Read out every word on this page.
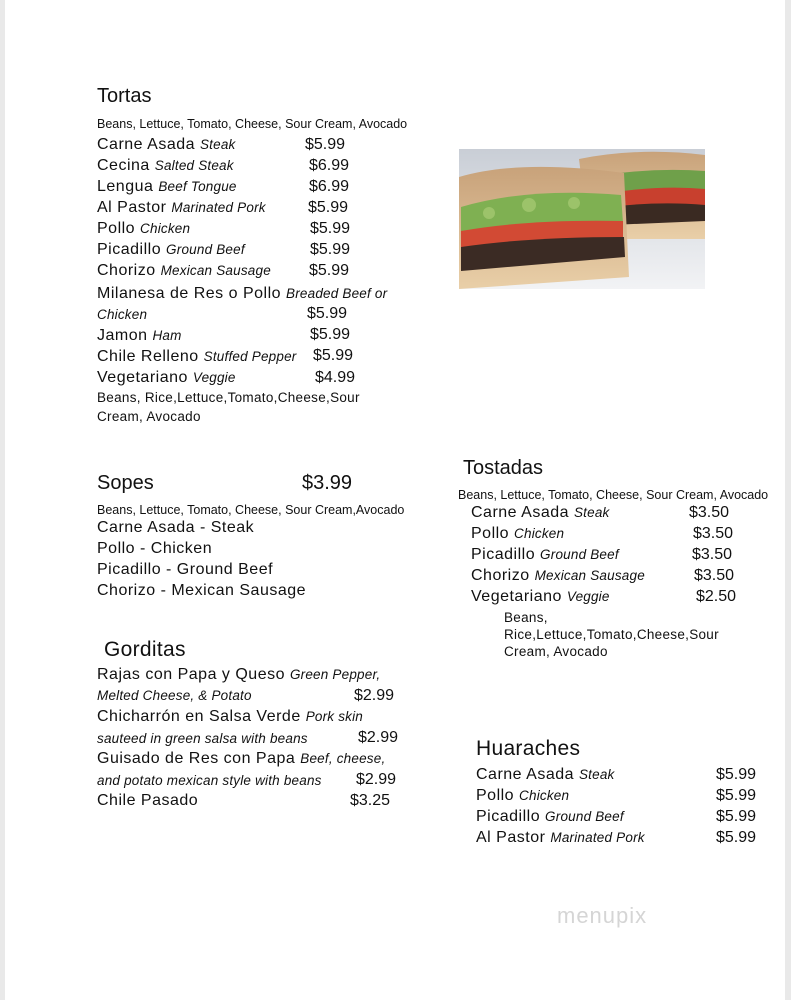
Tortas
Beans, Lettuce, Tomato, Cheese, Sour Cream, Avocado
Carne Asada Steak	$5.99
Cecina Salted Steak	$6.99
Lengua Beef Tongue	$6.99
Al Pastor Marinated Pork	$5.99
Pollo Chicken	$5.99
Picadillo Ground Beef	$5.99
Chorizo Mexican Sausage $5.99
Milanesa de Res o Pollo Breaded Beef or
Chicken	$5.99
Jamon Ham	$5.99
Chile Relleno Stuffed Pepper $5.99
Vegetariano Veggie	$4.99
Beans, Rice,Lettuce,Tomato,Cheese,Sour
Cream, Avocado
Sopes	$3.99
Beans, Lettuce, Tomato, Cheese, Sour Cream,Avocado
Carne Asada - Steak
Pollo - Chicken
Picadillo - Ground Beef
Chorizo - Mexican Sausage
Gorditas
Rajas con Papa y Queso Green Pepper,
Melted Cheese, & Potato	$2.99
Chicharrón en Salsa Verde Pork skin
sauteed in green salsa with beans	$2.99
Guisado de Res con Papa Beef, cheese,
and potato mexican style with beans $2.99
Chile Pasado	$3.25
Tostadas
Beans, Lettuce, Tomato, Cheese, Sour Cream, Avocado
Carne Asada Steak	$3.50
Pollo Chicken	$3.50
Picadillo Ground Beef	$3.50
Chorizo Mexican Sausage	$3.50
Vegetariano Veggie	$2.50
Beans,
Rice,Lettuce,Tomato,Cheese,Sour
Cream, Avocado
Huaraches
Carne Asada Steak	$5.99
Pollo Chicken	$5.99
Picadillo Ground Beef	$5.99
Al Pastor Marinated Pork	$5.99
menupix
